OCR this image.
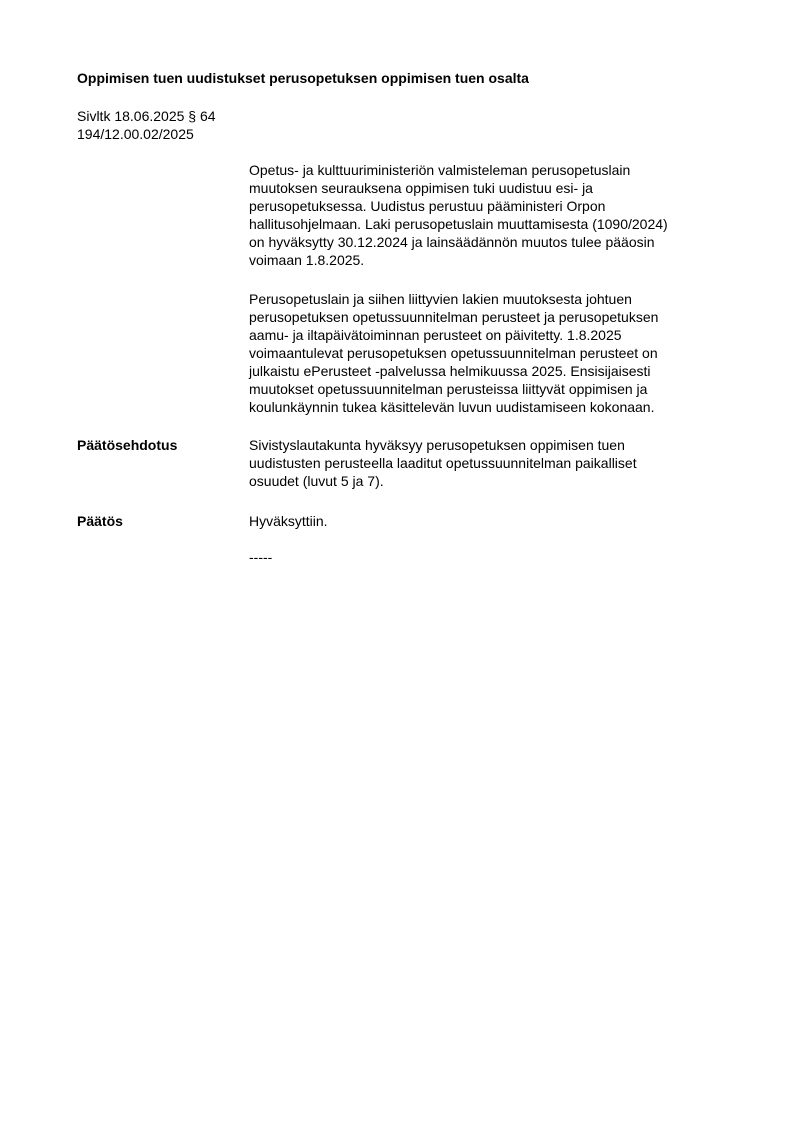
Oppimisen tuen uudistukset perusopetuksen oppimisen tuen osalta
Sivltk 18.06.2025 § 64
194/12.00.02/2025
Opetus- ja kulttuuriministeriön valmisteleman perusopetuslain
muutoksen seurauksena oppimisen tuki uudistuu esi- ja
perusopetuksessa. Uudistus perustuu pääministeri Orpon
hallitusohjelmaan. Laki perusopetuslain muuttamisesta (1090/2024)
on hyväksytty 30.12.2024 ja lainsäädännön muutos tulee pääosin
voimaan 1.8.2025.
Perusopetuslain ja siihen liittyvien lakien muutoksesta johtuen
perusopetuksen opetussuunnitelman perusteet ja perusopetuksen
aamu- ja iltapäivätoiminnan perusteet on päivitetty. 1.8.2025
voimaantulevat perusopetuksen opetussuunnitelman perusteet on
julkaistu ePerusteet -palvelussa helmikuussa 2025. Ensisijaisesti
muutokset opetussuunnitelman perusteissa liittyvät oppimisen ja
koulunkäynnin tukea käsittelevän luvun uudistamiseen kokonaan.
Päätösehdotus	Sivistyslautakunta hyväksyy perusopetuksen oppimisen tuen
uudistusten perusteella laaditut opetussuunnitelman paikalliset
osuudet (luvut 5 ja 7).
Päätös	Hyväksyttiin.
-----
